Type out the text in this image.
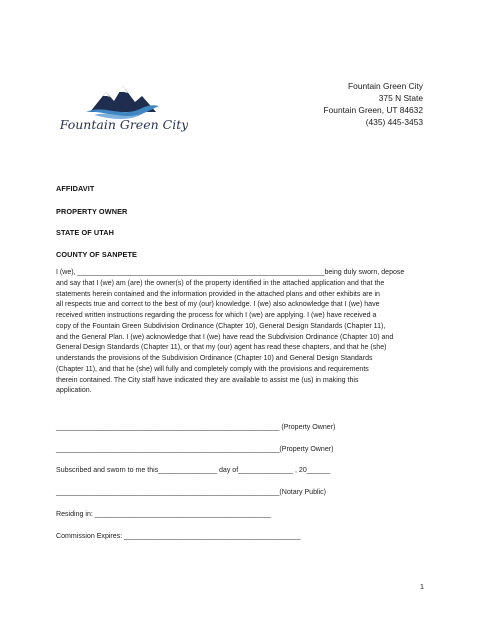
Fountain Green City
Fountain Green City
375 N State
Fountain Green, UT 84632
(435) 445-3453
AFFIDAVIT
PROPERTY OWNER
STATE OF UTAH
COUNTY OF SANPETE
I (we), _______________________________________________________________being duly sworn, depose
and say that I (we) am (are) the owner(s) of the property identified in the attached application and that the
statements herein contained and the information provided in the attached plans and other exhibits are in
all respects true and correct to the best of my (our) knowledge. I (we) also acknowledge that I (we) have
received written instructions regarding the process for which I (we) are applying. I (we) have received a
copy of the Fountain Green Subdivision Ordinance (Chapter 10), General Design Standards (Chapter 11),
and the General Plan. I (we) acknowledge that I (we) have read the Subdivision Ordinance (Chapter 10) and
General Design Standards (Chapter 11), or that my (our) agent has read these chapters, and that he (she)
understands the provisions of the Subdivision Ordinance (Chapter 10) and General Design Standards
(Chapter 11), and that he (she) will fully and completely comply with the provisions and requirements
therein contained. The City staff have indicated they are available to assist me (us) in making this
application.
_________________________________________________________ (Property Owner)
_________________________________________________________(Property Owner)
Subscribed and sworn to me this_______________ day of______________ , 20______
_________________________________________________________(Notary Public)
Residing in: _____________________________________________
Commission Expires: _____________________________________________
1
